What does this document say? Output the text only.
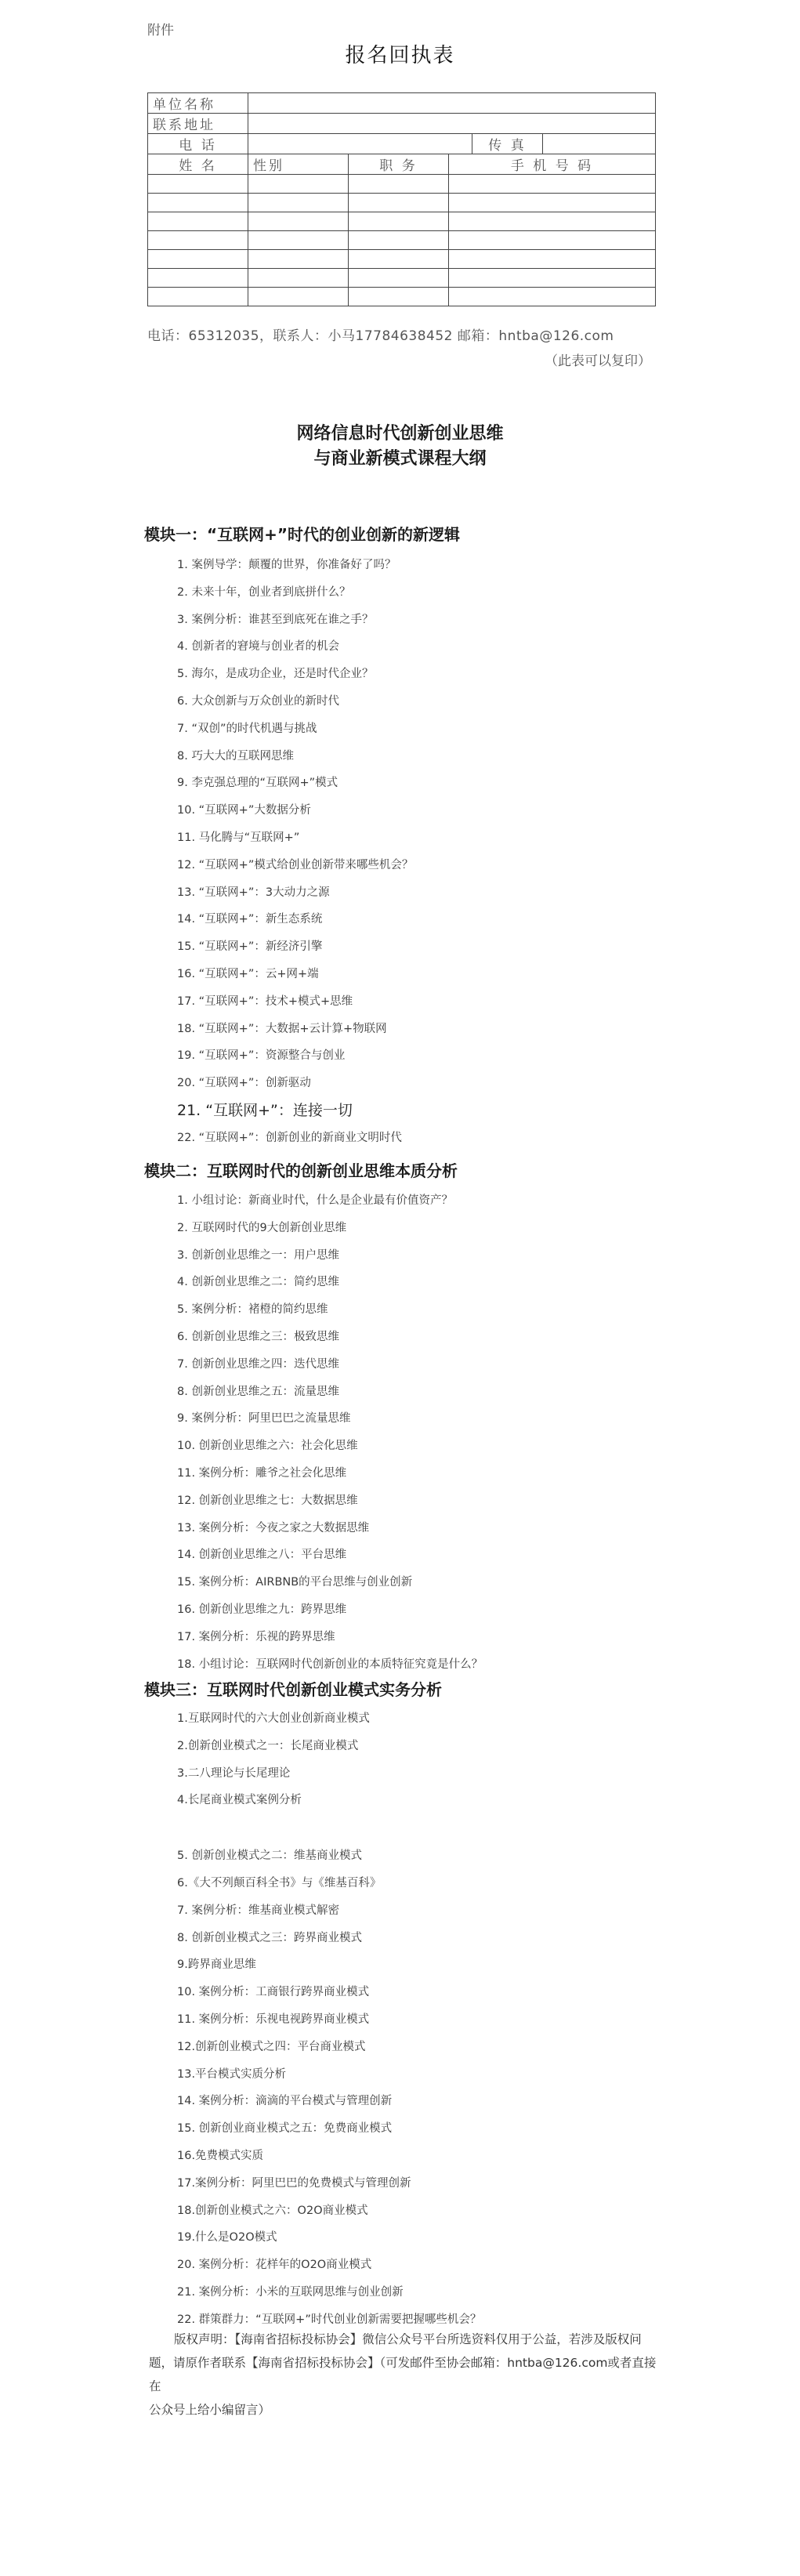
附件
报名回执表
单位名称					
联系地址					
电 话				传 真	
姓 名	性别	职 务	手 机 号 码		

电话：65312035，联系人：小马17784638452 邮箱：hntba@126.com
（此表可以复印）
网络信息时代创新创业思维
与商业新模式课程大纲
模块一：“互联网+”时代的创业创新的新逻辑
1. 案例导学：颠覆的世界，你准备好了吗？
2. 未来十年，创业者到底拼什么？
3. 案例分析：谁甚至到底死在谁之手？
4. 创新者的窘境与创业者的机会
5. 海尔，是成功企业，还是时代企业？
6. 大众创新与万众创业的新时代
7. “双创”的时代机遇与挑战
8. 巧大大的互联网思维
9. 李克强总理的“互联网+”模式
10. “互联网+”大数据分析
11. 马化腾与“互联网+”
12. “互联网+”模式给创业创新带来哪些机会？
13. “互联网+”：3大动力之源
14. “互联网+”：新生态系统
15. “互联网+”：新经济引擎
16. “互联网+”：云+网+端
17. “互联网+”：技术+模式+思维
18. “互联网+”：大数据+云计算+物联网
19. “互联网+”：资源整合与创业
20. “互联网+”：创新驱动
21. “互联网+”：连接一切
22. “互联网+”：创新创业的新商业文明时代
模块二：互联网时代的创新创业思维本质分析
1. 小组讨论：新商业时代，什么是企业最有价值资产？
2. 互联网时代的9大创新创业思维
3. 创新创业思维之一：用户思维
4. 创新创业思维之二：简约思维
5. 案例分析：褚橙的简约思维
6. 创新创业思维之三：极致思维
7. 创新创业思维之四：迭代思维
8. 创新创业思维之五：流量思维
9. 案例分析：阿里巴巴之流量思维
10. 创新创业思维之六：社会化思维
11. 案例分析：雕爷之社会化思维
12. 创新创业思维之七：大数据思维
13. 案例分析：今夜之家之大数据思维
14. 创新创业思维之八：平台思维
15. 案例分析：AIRBNB的平台思维与创业创新
16. 创新创业思维之九：跨界思维
17. 案例分析：乐视的跨界思维
18. 小组讨论：互联网时代创新创业的本质特征究竟是什么？
模块三：互联网时代创新创业模式实务分析
1.互联网时代的六大创业创新商业模式
2.创新创业模式之一：长尾商业模式
3.二八理论与长尾理论
4.长尾商业模式案例分析
5. 创新创业模式之二：维基商业模式
6.《大不列颠百科全书》与《维基百科》
7. 案例分析：维基商业模式解密
8. 创新创业模式之三：跨界商业模式
9.跨界商业思维
10. 案例分析：工商银行跨界商业模式
11. 案例分析：乐视电视跨界商业模式
12.创新创业模式之四：平台商业模式
13.平台模式实质分析
14. 案例分析：滴滴的平台模式与管理创新
15. 创新创业商业模式之五：免费商业模式
16.免费模式实质
17.案例分析：阿里巴巴的免费模式与管理创新
18.创新创业模式之六：O2O商业模式
19.什么是O2O模式
20. 案例分析：花样年的O2O商业模式
21. 案例分析：小米的互联网思维与创业创新
22. 群策群力：“互联网+”时代创业创新需要把握哪些机会？
版权声明：【海南省招标投标协会】微信公众号平台所选资料仅用于公益，若涉及版权问
题，请原作者联系【海南省招标投标协会】（可发邮件至协会邮箱：hntba@126.com或者直接在
公众号上给小编留言）
